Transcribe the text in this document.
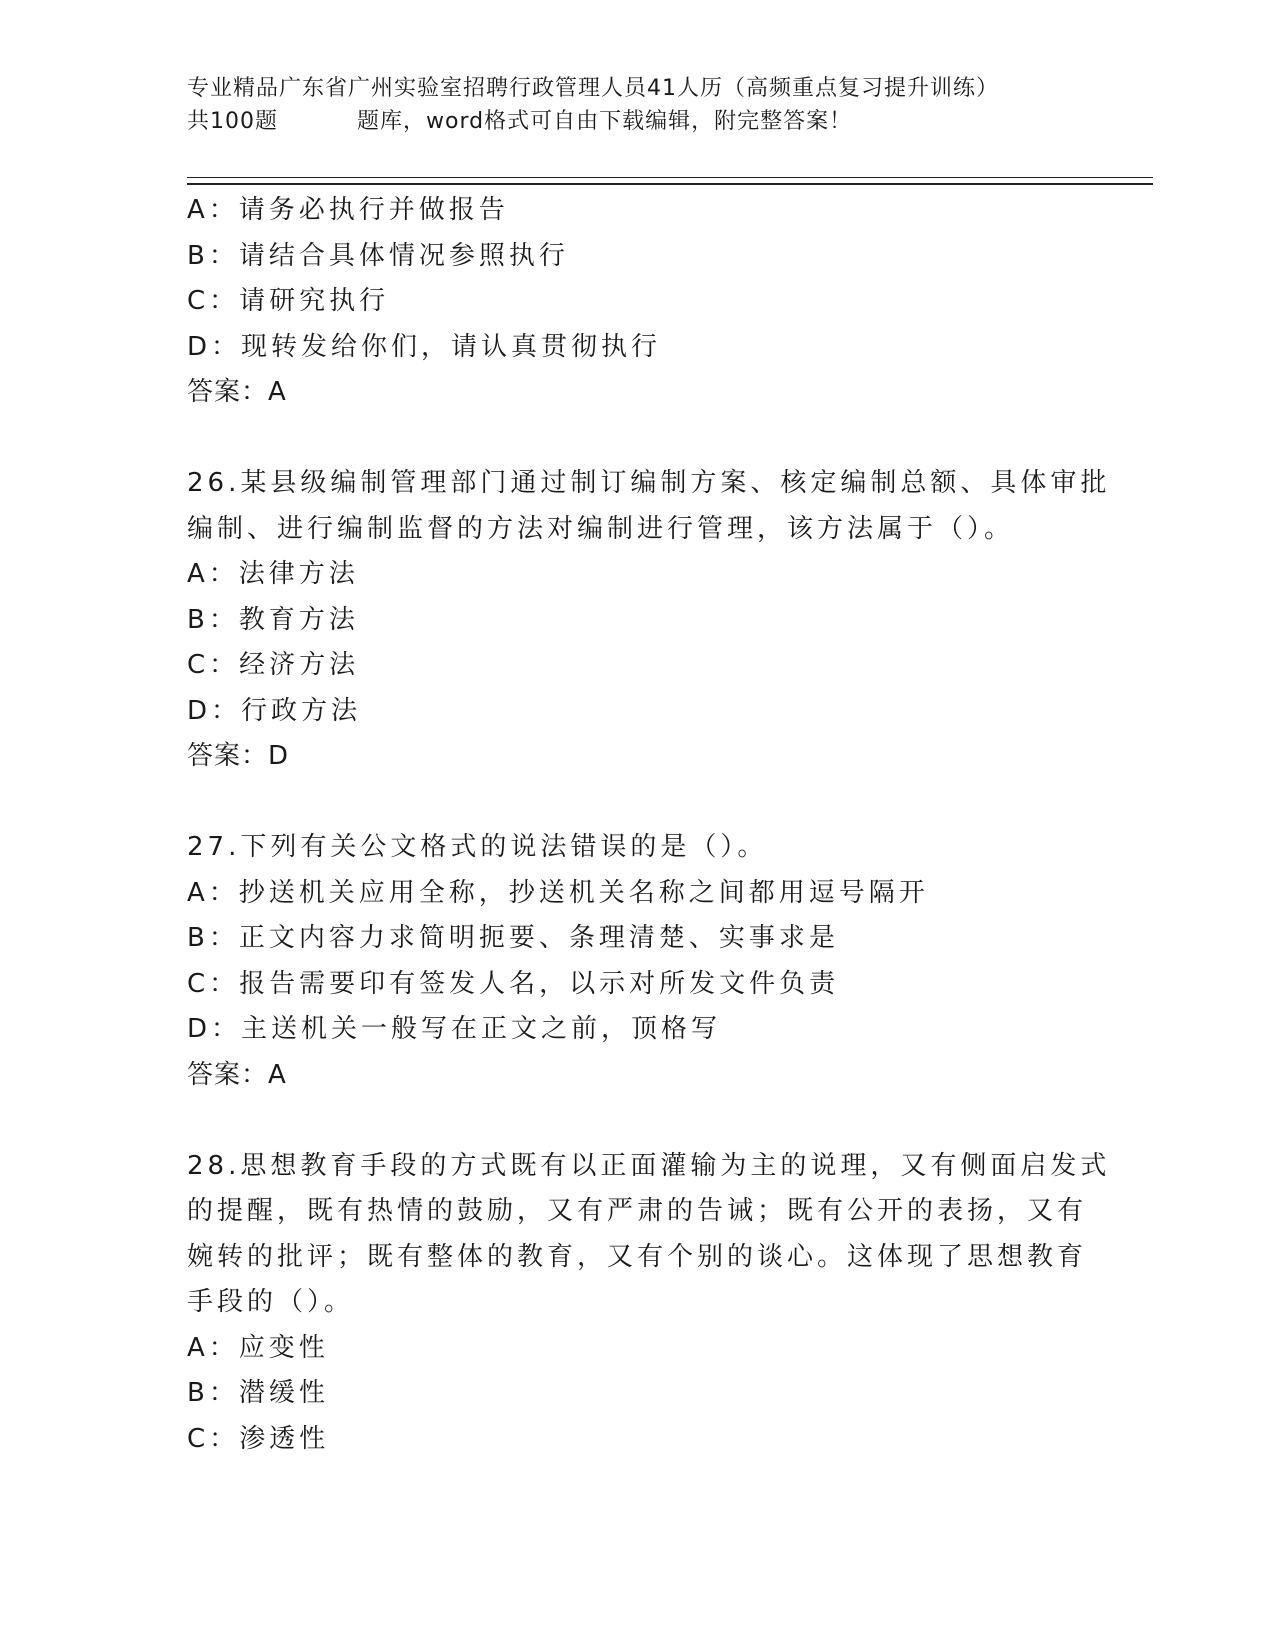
专业精品广东省广州实验室招聘行政管理人员41人历（高频重点复习提升训练）
共100题	题库，word格式可自由下载编辑，附完整答案！
A：请务必执行并做报告
B：请结合具体情况参照执行
C：请研究执行
D：现转发给你们，请认真贯彻执行
答案：A
26.某县级编制管理部门通过制订编制方案、核定编制总额、具体审批
编制、进行编制监督的方法对编制进行管理，该方法属于（）。
A：法律方法
B：教育方法
C：经济方法
D：行政方法
答案：D
27.下列有关公文格式的说法错误的是（）。
A：抄送机关应用全称，抄送机关名称之间都用逗号隔开
B：正文内容力求简明扼要、条理清楚、实事求是
C：报告需要印有签发人名，以示对所发文件负责
D：主送机关一般写在正文之前，顶格写
答案：A
28.思想教育手段的方式既有以正面灌输为主的说理，又有侧面启发式
的提醒，既有热情的鼓励，又有严肃的告诫；既有公开的表扬，又有
婉转的批评；既有整体的教育，又有个别的谈心。这体现了思想教育
手段的（）。
A：应变性
B：潜缓性
C：渗透性
